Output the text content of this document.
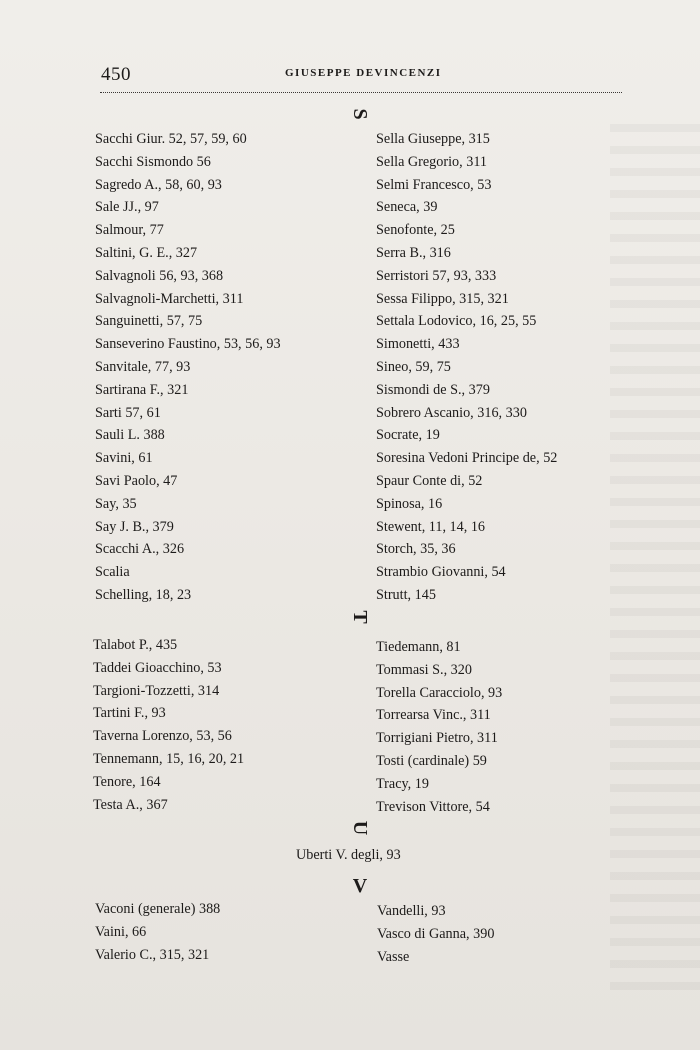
450	GIUSEPPE DEVINCENZI
S
Sacchi Giur. 52, 57, 59, 60
Sacchi Sismondo 56
Sagredo A., 58, 60, 93
Sale JJ., 97
Salmour, 77
Saltini, G. E., 327
Salvagnoli 56, 93, 368
Salvagnoli-Marchetti, 311
Sanguinetti, 57, 75
Sanseverino Faustino, 53, 56, 93
Sanvitale, 77, 93
Sartirana F., 321
Sarti 57, 61
Sauli L. 388
Savini, 61
Savi Paolo, 47
Say, 35
Say J. B., 379
Scacchi A., 326
Scalia
Schelling, 18, 23
Sella Giuseppe, 315
Sella Gregorio, 311
Selmi Francesco, 53
Seneca, 39
Senofonte, 25
Serra B., 316
Serristori 57, 93, 333
Sessa Filippo, 315, 321
Settala Lodovico, 16, 25, 55
Simonetti, 433
Sineo, 59, 75
Sismondi de S., 379
Sobrero Ascanio, 316, 330
Socrate, 19
Soresina Vedoni Principe de, 52
Spaur Conte di, 52
Spinosa, 16
Stewent, 11, 14, 16
Storch, 35, 36
Strambio Giovanni, 54
Strutt, 145
T
Talabot P., 435
Taddei Gioacchino, 53
Targioni-Tozzetti, 314
Tartini F., 93
Taverna Lorenzo, 53, 56
Tennemann, 15, 16, 20, 21
Tenore, 164
Testa A., 367
Tiedemann, 81
Tommasi S., 320
Torella Caracciolo, 93
Torrearsa Vinc., 311
Torrigiani Pietro, 311
Tosti (cardinale) 59
Tracy, 19
Trevison Vittore, 54
U
Uberti V. degli, 93
V
Vaconi (generale) 388
Vaini, 66
Valerio C., 315, 321
Vandelli, 93
Vasco di Ganna, 390
Vasse
